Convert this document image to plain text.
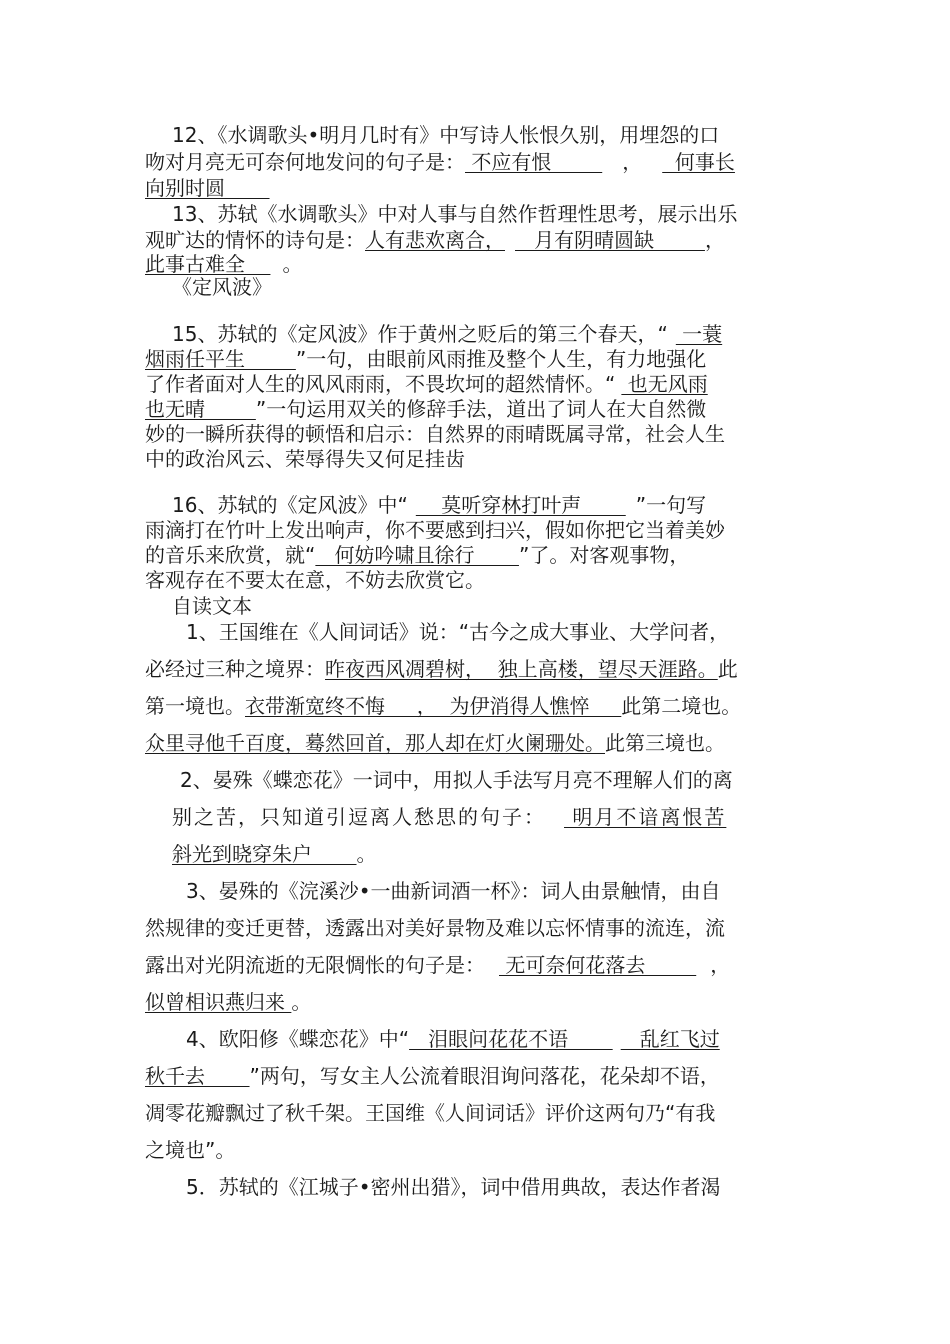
12、《水调歌头•明月几时有》中写诗人怅恨久别，用埋怨的口
吻对月亮无可奈何地发问的句子是： 不应有恨        ，  何事长
向别时圆
13、苏轼《水调歌头》中对人事与自然作哲理性思考，展示出乐
观旷达的情怀的诗句是：人有悲欢离合，   月有阴晴圆缺        ，
此事古难全    。
《定风波》
15、苏轼的《定风波》作于黄州之贬后的第三个春天，“ 一蓑
烟雨任平生        ”一句，由眼前风雨推及整个人生，有力地强化
了作者面对人生的风风雨雨，不畏坎坷的超然情怀。“ 也无风雨
也无晴        ”一句运用双关的修辞手法，道出了词人在大自然微
妙的一瞬所获得的顿悟和启示：自然界的雨晴既属寻常，社会人生
中的政治风云、荣辱得失又何足挂齿
16、苏轼的《定风波》中“    莫听穿林打叶声       ”一句写
雨滴打在竹叶上发出响声，你不要感到扫兴，假如你把它当着美妙
的音乐来欣赏，就“   何妨吟啸且徐行       ”了。对客观事物，
客观存在不要太在意，不妨去欣赏它。
自读文本
1、王国维在《人间词话》说：“古今之成大事业、大学问者，
必经过三种之境界：昨夜西风凋碧树，  独上高楼，望尽天涯路。此
第一境也。衣带渐宽终不悔     ，  为伊消得人憔悴     此第二境也。
众里寻他千百度，蓦然回首，那人却在灯火阑珊处。此第三境也。
2、晏殊《蝶恋花》一词中，用拟人手法写月亮不理解人们的离
别之苦，只知道引逗离人愁思的句子： 明月不谙离恨苦
斜光到晓穿朱户       。
3、晏殊的《浣溪沙•一曲新词酒一杯》：词人由景触情，由自
然规律的变迁更替，透露出对美好景物及难以忘怀情事的流连，流
露出对光阴流逝的无限惆怅的句子是： 无可奈何花落去        ，
似曾相识燕归来 。
4、欧阳修《蝶恋花》中“   泪眼问花花不语          乱红飞过
秋千去       ”两句，写女主人公流着眼泪询问落花，花朵却不语，
凋零花瓣飘过了秋千架。王国维《人间词话》评价这两句乃“有我
之境也”。
5．苏轼的《江城子•密州出猎》，词中借用典故，表达作者渴
